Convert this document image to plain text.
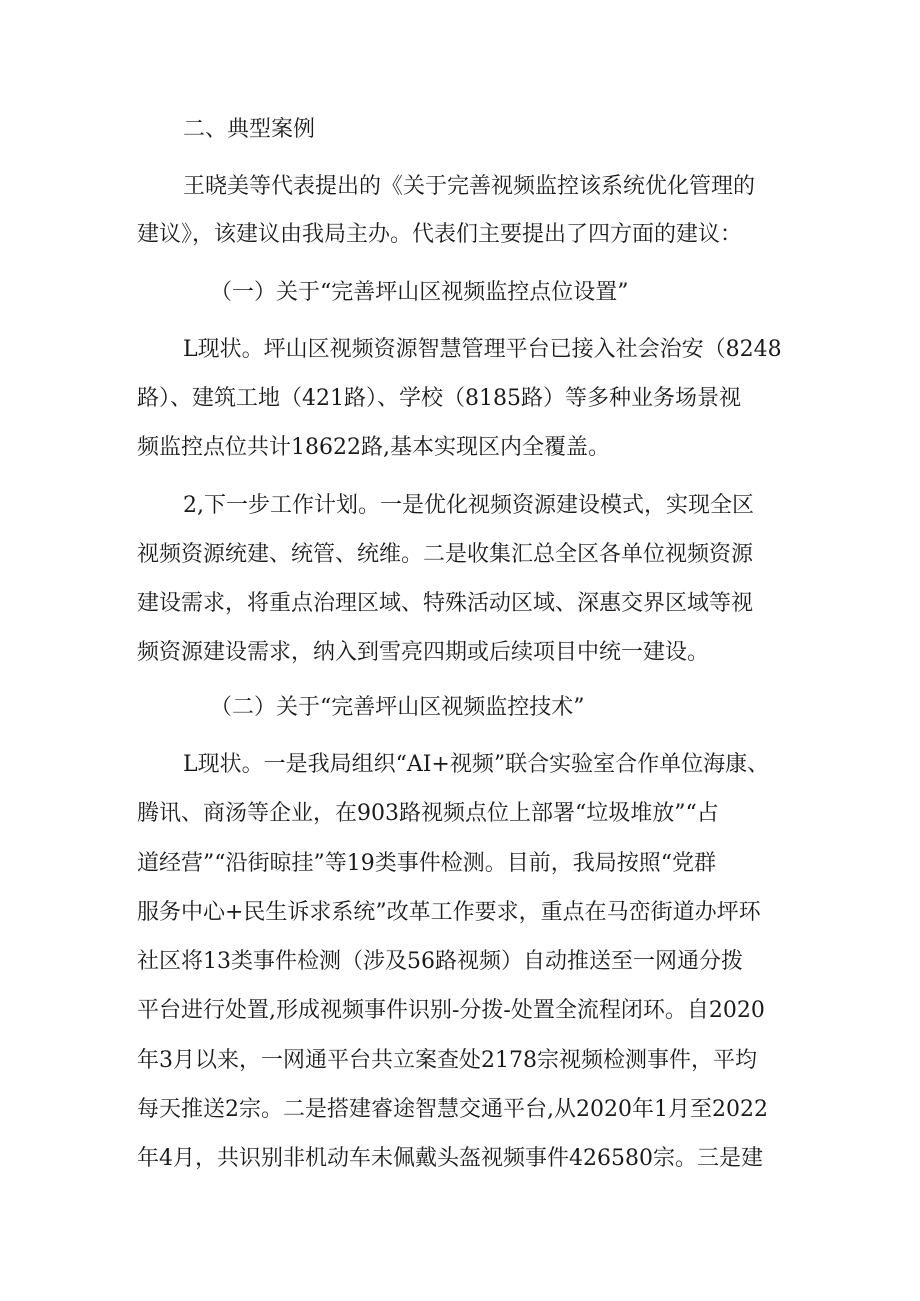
二、典型案例
王晓美等代表提出的《关于完善视频监控该系统优化管理的
建议》，该建议由我局主办。代表们主要提出了四方面的建议：
（一）关于“完善坪山区视频监控点位设置”
L现状。坪山区视频资源智慧管理平台已接入社会治安（8248
路）、建筑工地（421路）、学校（8185路）等多种业务场景视
频监控点位共计18622路,基本实现区内全覆盖。
2,下一步工作计划。一是优化视频资源建设模式，实现全区
视频资源统建、统管、统维。二是收集汇总全区各单位视频资源
建设需求，将重点治理区域、特殊活动区域、深惠交界区域等视
频资源建设需求，纳入到雪亮四期或后续项目中统一建设。
（二）关于“完善坪山区视频监控技术”
L现状。一是我局组织“AI+视频”联合实验室合作单位海康、
腾讯、商汤等企业，在903路视频点位上部署“垃圾堆放”“占
道经营”“沿街晾挂”等19类事件检测。目前，我局按照“党群
服务中心+民生诉求系统”改革工作要求，重点在马峦街道办坪环
社区将13类事件检测（涉及56路视频）自动推送至一网通分拨
平台进行处置,形成视频事件识别-分拨-处置全流程闭环。自2020
年3月以来，一网通平台共立案查处2178宗视频检测事件，平均
每天推送2宗。二是搭建睿途智慧交通平台,从2020年1月至2022
年4月，共识别非机动车未佩戴头盔视频事件426580宗。三是建
